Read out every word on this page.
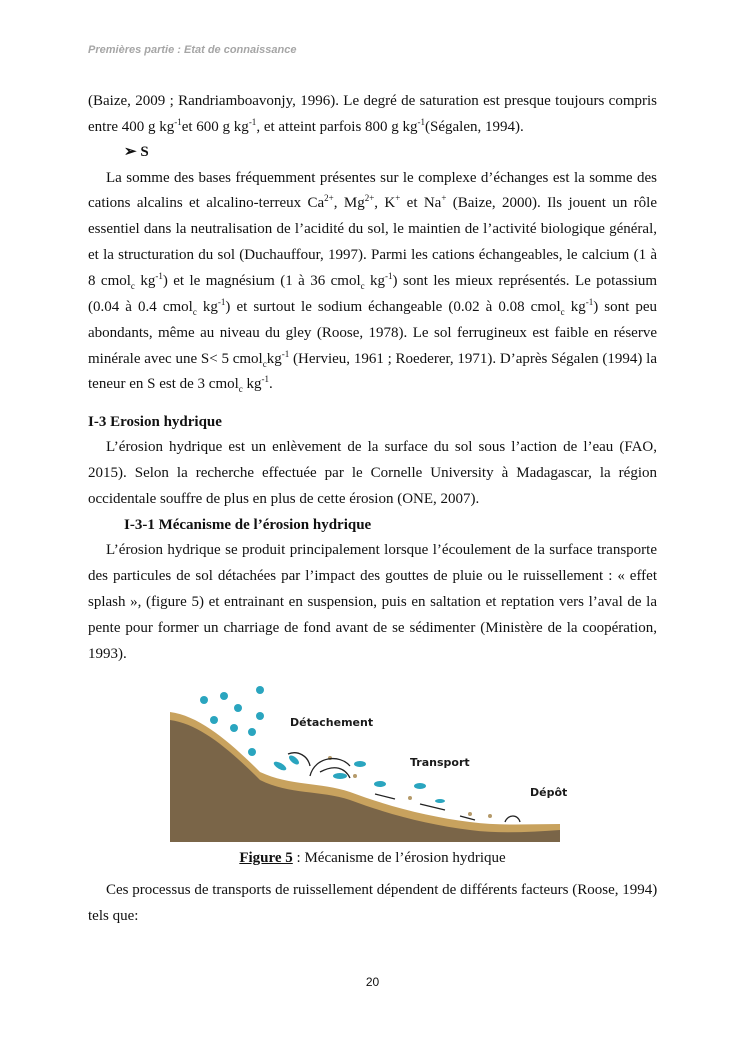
Premières partie : Etat de connaissance
(Baize, 2009 ; Randriamboavonjy, 1996). Le degré de saturation est presque toujours compris
entre 400 g $kg^{-1}et$ 600 g $kg^{-1}$, et atteint parfois 800 g $kg^{-1}(Ségalen$, 1994).
➢ S
La somme des bases fréquemment présentes sur le complexe d’échanges est la somme des
cations alcalins et alcalino-terreux $Ca^{2+}$, $Mg^{2+}$, K+ et Na+ (Baize, 2000). Ils jouent un rôle
essentiel dans la neutralisation de l’acidité du sol, le maintien de l’activité biologique général,
et la structuration du sol (Duchauffour, 1997). Parmi les cations échangeables, le calcium (1 à
8 cmol$_c$ $kg^{-1}$) et le magnésium (1 à 36 cmol$_c$ $kg^{-1}$) sont les mieux représentés. Le potassium
(0.04 à 0.4 cmol$_c$ $kg^{-1}$) et surtout le sodium échangeable (0.02 à 0.08 cmol$_c$ $kg^{-1}$) sont peu
abondants, même au niveau du gley (Roose, 1978). Le sol ferrugineux est faible en réserve
minérale avec une S< 5 $cmol_ckg^{-1}$ (Hervieu, 1961 ; Roederer, 1971). D’après Ségalen (1994) la
teneur en S est de 3 cmol$_c$ $kg^{-1}$.
I-3 Erosion hydrique
L’érosion hydrique est un enlèvement de la surface du sol sous l’action de l’eau (FAO,
2015). Selon la recherche effectuée par le Cornelle University à Madagascar, la région
occidentale souffre de plus en plus de cette érosion (ONE, 2007).
I-3-1 Mécanisme de l’érosion hydrique
L’érosion hydrique se produit principalement lorsque l’écoulement de la surface transporte
des particules de sol détachées par l’impact des gouttes de pluie ou le ruissellement : « effet
splash », (figure 5) et entrainant en suspension, puis en saltation et reptation vers l’aval de la
pente pour former un charriage de fond avant de se sédimenter (Ministère de la coopération,
1993).
Ces processus de transports de ruissellement dépendent de différents facteurs (Roose, 1994)
tels que:
Détachement
Transport
Dépôt
Figure 5 : Mécanisme de l’érosion hydrique
20
